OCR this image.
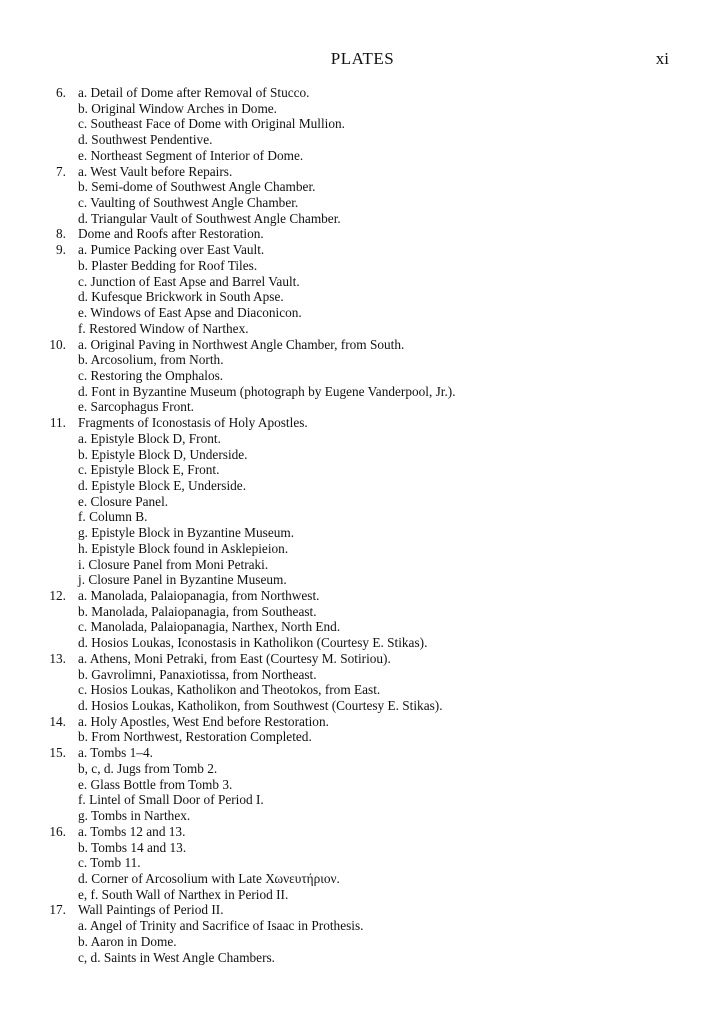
PLATES	xi
6. a. Detail of Dome after Removal of Stucco.
b. Original Window Arches in Dome.
c. Southeast Face of Dome with Original Mullion.
d. Southwest Pendentive.
e. Northeast Segment of Interior of Dome.
7. a. West Vault before Repairs.
b. Semi-dome of Southwest Angle Chamber.
c. Vaulting of Southwest Angle Chamber.
d. Triangular Vault of Southwest Angle Chamber.
8. Dome and Roofs after Restoration.
9. a. Pumice Packing over East Vault.
b. Plaster Bedding for Roof Tiles.
c. Junction of East Apse and Barrel Vault.
d. Kufesque Brickwork in South Apse.
e. Windows of East Apse and Diaconicon.
f. Restored Window of Narthex.
10. a. Original Paving in Northwest Angle Chamber, from South.
b. Arcosolium, from North.
c. Restoring the Omphalos.
d. Font in Byzantine Museum (photograph by Eugene Vanderpool, Jr.).
e. Sarcophagus Front.
11. Fragments of Iconostasis of Holy Apostles.
a. Epistyle Block D, Front.
b. Epistyle Block D, Underside.
c. Epistyle Block E, Front.
d. Epistyle Block E, Underside.
e. Closure Panel.
f. Column B.
g. Epistyle Block in Byzantine Museum.
h. Epistyle Block found in Asklepieion.
i. Closure Panel from Moni Petraki.
j. Closure Panel in Byzantine Museum.
12. a. Manolada, Palaiopanagia, from Northwest.
b. Manolada, Palaiopanagia, from Southeast.
c. Manolada, Palaiopanagia, Narthex, North End.
d. Hosios Loukas, Iconostasis in Katholikon (Courtesy E. Stikas).
13. a. Athens, Moni Petraki, from East (Courtesy M. Sotiriou).
b. Gavrolimni, Panaxiotissa, from Northeast.
c. Hosios Loukas, Katholikon and Theotokos, from East.
d. Hosios Loukas, Katholikon, from Southwest (Courtesy E. Stikas).
14. a. Holy Apostles, West End before Restoration.
b. From Northwest, Restoration Completed.
15. a. Tombs 1–4.
b, c, d. Jugs from Tomb 2.
e. Glass Bottle from Tomb 3.
f. Lintel of Small Door of Period I.
g. Tombs in Narthex.
16. a. Tombs 12 and 13.
b. Tombs 14 and 13.
c. Tomb 11.
d. Corner of Arcosolium with Late Χωνευτήριον.
e, f. South Wall of Narthex in Period II.
17. Wall Paintings of Period II.
a. Angel of Trinity and Sacrifice of Isaac in Prothesis.
b. Aaron in Dome.
c, d. Saints in West Angle Chambers.
